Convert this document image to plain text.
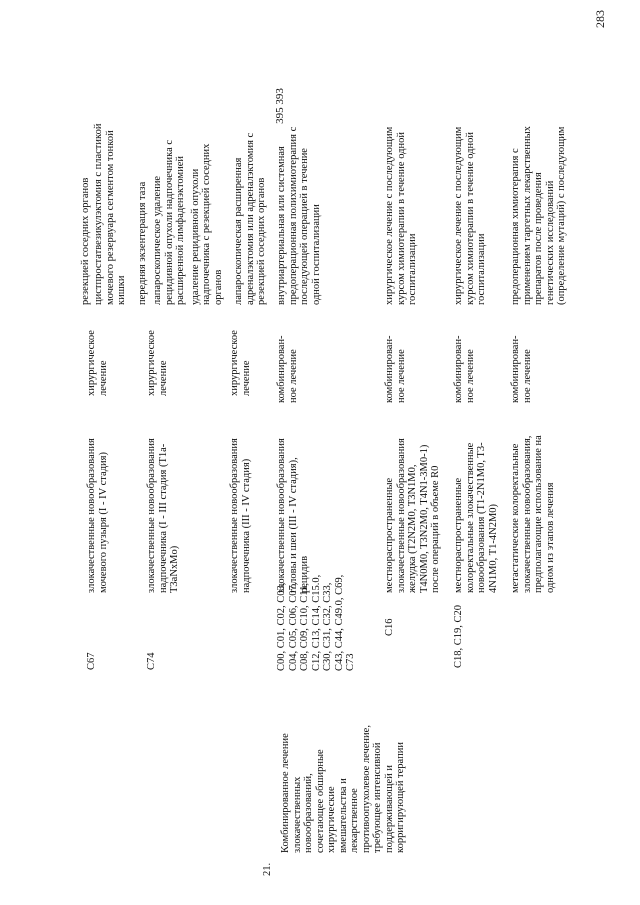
283
395 393
21.
Комбинированное лечение злокачественных новообразований, сочетающее обширные хирургические вмешательства и лекарственное противоопухолевое лечение, требующее интенсивной поддерживающей и корригирующей терапии
резекцией соседних органов
C67
злокачественные новообразования мочевого пузыря (I - IV стадия)
хирургическое лечение
цистпростатвезикулэктомия с пластикой мочевого резервуара сегментом тонкой кишки передняя экзентерация таза
C74
злокачественные новообразования надпочечника (I - III стадия (T1a- T3aNxMo)
хирургическое лечение
лапароскопическое удаление рецидивной опухоли надпочечника с расширенной лимфаденэктомией удаление рецидивной опухоли надпочечника с резекцией соседних органов
злокачественные новообразования надпочечника (III - IV стадия)
хирургическое лечение
лапароскопическая расширенная адреналэктомия или адреналэктомия с резекцией соседних органов
C00, C01, C02, C03, C04, C05, C06, C07, C08, C09, C10, C11, C12, C13, C14, C15.0, C30, C31, C32, C33, C43, C44, C49.0, C69, C73
злокачественные новообразования головы и шеи (III - IV стадия), рецидив
комбинирован- ное лечение
внутриартериальная или системная предоперационная полихимиотерапия с последующей операцией в течение одной госпитализации
C16
местнораспространенные злокачественные новообразования желудка (T2N2M0, T3N1M0, T4N0M0, T3N2M0, T4N1-3M0-1) после операций в объеме R0
комбинирован- ное лечение
хирургическое лечение с последующим курсом химиотерапии в течение одной госпитализации
C18, C19, C20
местнораспространенные колоректальные злокачественные новообразования (T1-2N1M0, T3- 4N1M0, T1-4N2M0)
комбинирован- ное лечение
хирургическое лечение с последующим курсом химиотерапии в течение одной госпитализации
метастатические колоректальные злокачественные новообразования, предполагающие использование на одном из этапов лечения
комбинирован- ное лечение
предоперационная химиотерапия с применением таргетных лекарственных препаратов после проведения генетических исследований (определение мутаций) с последующим
